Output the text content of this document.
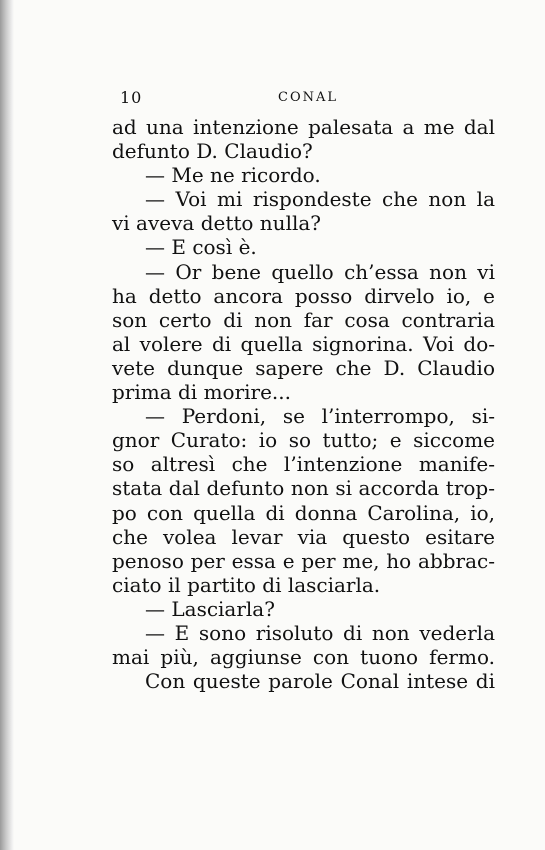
10	CONAL
ad una intenzione palesata a me dal
defunto D. Claudio?
— Me ne ricordo.
— Voi mi rispondeste che non la
vi aveva detto nulla?
— E così è.
— Or bene quello ch’essa non vi
ha detto ancora posso dirvelo io, e
son certo di non far cosa contraria
al volere di quella signorina. Voi do-
vete dunque sapere che D. Claudio
prima di morire...
— Perdoni, se l’interrompo, si-
gnor Curato: io so tutto; e siccome
so altresì che l’intenzione manife-
stata dal defunto non si accorda trop-
po con quella di donna Carolina, io,
che volea levar via questo esitare
penoso per essa e per me, ho abbrac-
ciato il partito di lasciarla.
— Lasciarla?
— E sono risoluto di non vederla
mai più, aggiunse con tuono fermo.
Con queste parole Conal intese di
